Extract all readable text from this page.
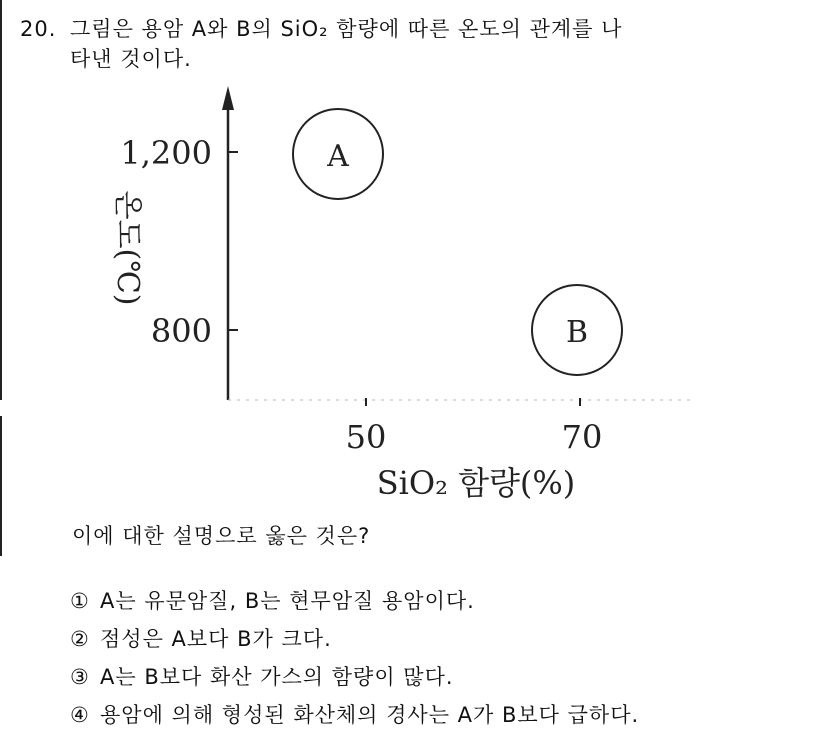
20. 그림은 용암 A와 B의 SiO₂ 함량에 따른 온도의 관계를 나
타낸 것이다.
1,200
800
50	70
온도(℃)
SiO₂ 함량(%)
A
B
이에 대한 설명으로 옳은 것은?
① A는 유문암질, B는 현무암질 용암이다.
② 점성은 A보다 B가 크다.
③ A는 B보다 화산 가스의 함량이 많다.
④ 용암에 의해 형성된 화산체의 경사는 A가 B보다 급하다.
